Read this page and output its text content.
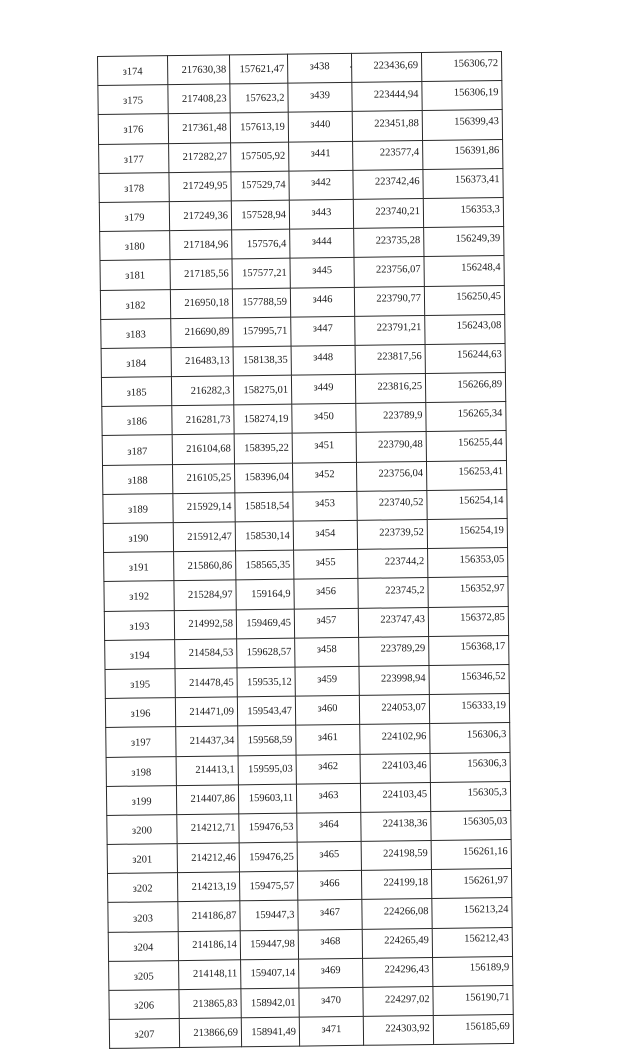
з174	217630,38	157621,47	з438	223436,69	156306,72
з175	217408,23	157623,2	з439	223444,94	156306,19
з176	217361,48	157613,19	з440	223451,88	156399,43
з177	217282,27	157505,92	з441	223577,4	156391,86
з178	217249,95	157529,74	з442	223742,46	156373,41
з179	217249,36	157528,94	з443	223740,21	156353,3
з180	217184,96	157576,4	з444	223735,28	156249,39
з181	217185,56	157577,21	з445	223756,07	156248,4
з182	216950,18	157788,59	з446	223790,77	156250,45
з183	216690,89	157995,71	з447	223791,21	156243,08
з184	216483,13	158138,35	з448	223817,56	156244,63
з185	216282,3	158275,01	з449	223816,25	156266,89
з186	216281,73	158274,19	з450	223789,9	156265,34
з187	216104,68	158395,22	з451	223790,48	156255,44
з188	216105,25	158396,04	з452	223756,04	156253,41
з189	215929,14	158518,54	з453	223740,52	156254,14
з190	215912,47	158530,14	з454	223739,52	156254,19
з191	215860,86	158565,35	з455	223744,2	156353,05
з192	215284,97	159164,9	з456	223745,2	156352,97
з193	214992,58	159469,45	з457	223747,43	156372,85
з194	214584,53	159628,57	з458	223789,29	156368,17
з195	214478,45	159535,12	з459	223998,94	156346,52
з196	214471,09	159543,47	з460	224053,07	156333,19
з197	214437,34	159568,59	з461	224102,96	156306,3
з198	214413,1	159595,03	з462	224103,46	156306,3
з199	214407,86	159603,11	з463	224103,45	156305,3
з200	214212,71	159476,53	з464	224138,36	156305,03
з201	214212,46	159476,25	з465	224198,59	156261,16
з202	214213,19	159475,57	з466	224199,18	156261,97
з203	214186,87	159447,3	з467	224266,08	156213,24
з204	214186,14	159447,98	з468	224265,49	156212,43
з205	214148,11	159407,14	з469	224296,43	156189,9
з206	213865,83	158942,01	з470	224297,02	156190,71
з207	213866,69	158941,49	з471	224303,92	156185,69
